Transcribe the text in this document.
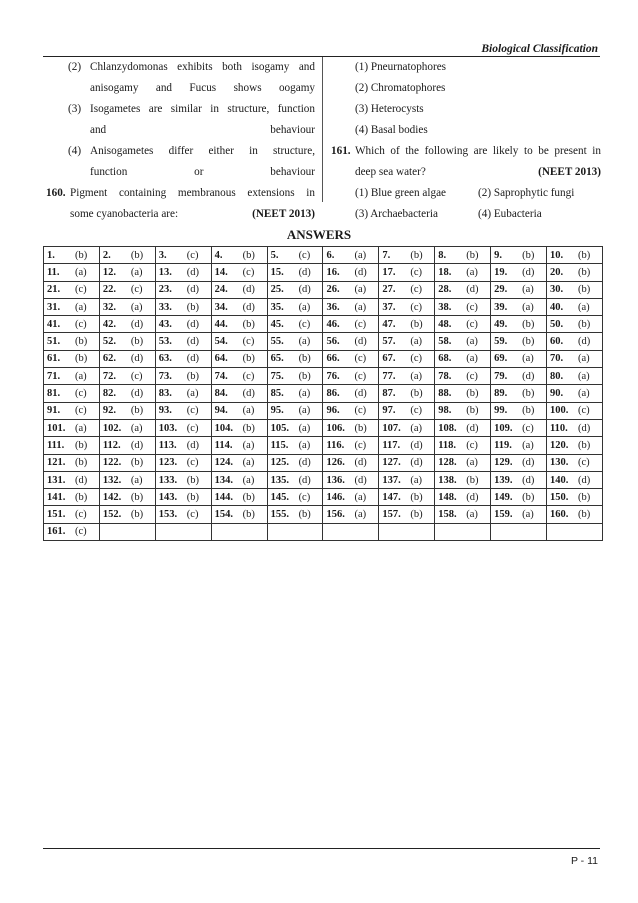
Biological Classification
(2) Chlanzydomonas exhibits both isogamy and
anisogamy and Fucus shows oogamy
(3) Isogametes are similar in structure, function
and behaviour
(4) Anisogametes differ either in structure,
function or behaviour
160. Pigment containing membranous extensions in
some cyanobacteria are:	(NEET 2013)
(1) Pneurnatophores
(2) Chromatophores
(3) Heterocysts
(4) Basal bodies
161. Which of the following are likely to be present in
deep sea water?	(NEET 2013)
(1) Blue green algae	(2) Saprophytic fungi
(3) Archaebacteria	(4) Eubacteria
ANSWERS
1. (b)	2. (b)	3. (c)	4. (b)	5. (c)	6. (a)	7. (b)	8. (b)	9. (b)	10. (b)
11. (a)	12. (a)	13. (d)	14. (c)	15. (d)	16. (d)	17. (c)	18. (a)	19. (d)	20. (b)
21. (c)	22. (c)	23. (d)	24. (d)	25. (d)	26. (a)	27. (c)	28. (d)	29. (a)	30. (b)
31. (a)	32. (a)	33. (b)	34. (d)	35. (a)	36. (a)	37. (c)	38. (c)	39. (a)	40. (a)
41. (c)	42. (d)	43. (d)	44. (b)	45. (c)	46. (c)	47. (b)	48. (c)	49. (b)	50. (b)
51. (b)	52. (b)	53. (d)	54. (c)	55. (a)	56. (d)	57. (a)	58. (a)	59. (b)	60. (d)
61. (b)	62. (d)	63. (d)	64. (b)	65. (b)	66. (c)	67. (c)	68. (a)	69. (a)	70. (a)
71. (a)	72. (c)	73. (b)	74. (c)	75. (b)	76. (c)	77. (a)	78. (c)	79. (d)	80. (a)
81. (c)	82. (d)	83. (a)	84. (d)	85. (a)	86. (d)	87. (b)	88. (b)	89. (b)	90. (a)
91. (c)	92. (b)	93. (c)	94. (a)	95. (a)	96. (c)	97. (c)	98. (b)	99. (b)	100. (c)
101. (a)	102. (a)	103. (c)	104. (b)	105. (a)	106. (b)	107. (a)	108. (d)	109. (c)	110. (d)
111. (b)	112. (d)	113. (d)	114. (a)	115. (a)	116. (c)	117. (d)	118. (c)	119. (a)	120. (b)
121. (b)	122. (b)	123. (c)	124. (a)	125. (d)	126. (d)	127. (d)	128. (a)	129. (d)	130. (c)
131. (d)	132. (a)	133. (b)	134. (a)	135. (d)	136. (d)	137. (a)	138. (b)	139. (d)	140. (d)
141. (b)	142. (b)	143. (b)	144. (b)	145. (c)	146. (a)	147. (b)	148. (d)	149. (b)	150. (b)
151. (c)	152. (b)	153. (c)	154. (b)	155. (b)	156. (a)	157. (b)	158. (a)	159. (a)	160. (b)
161. (c)									
P - 11
